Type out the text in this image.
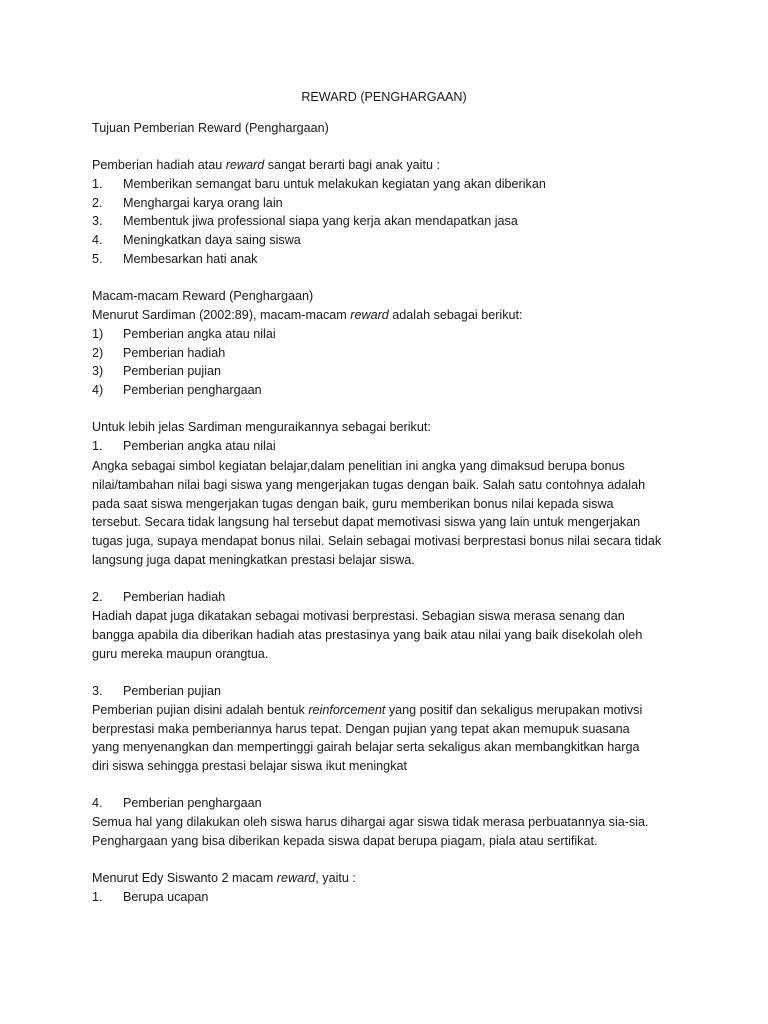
REWARD (PENGHARGAAN)
Tujuan Pemberian Reward (Penghargaan)
Pemberian hadiah atau reward sangat berarti bagi anak yaitu :
1. Memberikan semangat baru untuk melakukan kegiatan yang akan diberikan
2. Menghargai karya orang lain
3. Membentuk jiwa professional siapa yang kerja akan mendapatkan jasa
4. Meningkatkan daya saing siswa
5. Membesarkan hati anak
Macam-macam Reward (Penghargaan)
Menurut Sardiman (2002:89), macam-macam reward adalah sebagai berikut:
1) Pemberian angka atau nilai
2) Pemberian hadiah
3) Pemberian pujian
4) Pemberian penghargaan
Untuk lebih jelas Sardiman menguraikannya sebagai berikut:
1. Pemberian angka atau nilai
Angka sebagai simbol kegiatan belajar,dalam penelitian ini angka yang dimaksud berupa bonus
nilai/tambahan nilai bagi siswa yang mengerjakan tugas dengan baik. Salah satu contohnya adalah
pada saat siswa mengerjakan tugas dengan baik, guru memberikan bonus nilai kepada siswa
tersebut. Secara tidak langsung hal tersebut dapat memotivasi siswa yang lain untuk mengerjakan
tugas juga, supaya mendapat bonus nilai. Selain sebagai motivasi berprestasi bonus nilai secara tidak
langsung juga dapat meningkatkan prestasi belajar siswa.
2. Pemberian hadiah
Hadiah dapat juga dikatakan sebagai motivasi berprestasi. Sebagian siswa merasa senang dan
bangga apabila dia diberikan hadiah atas prestasinya yang baik atau nilai yang baik disekolah oleh
guru mereka maupun orangtua.
3. Pemberian pujian
Pemberian pujian disini adalah bentuk reinforcement yang positif dan sekaligus merupakan motivsi
berprestasi maka pemberiannya harus tepat. Dengan pujian yang tepat akan memupuk suasana
yang menyenangkan dan mempertinggi gairah belajar serta sekaligus akan membangkitkan harga
diri siswa sehingga prestasi belajar siswa ikut meningkat
4. Pemberian penghargaan
Semua hal yang dilakukan oleh siswa harus dihargai agar siswa tidak merasa perbuatannya sia-sia.
Penghargaan yang bisa diberikan kepada siswa dapat berupa piagam, piala atau sertifikat.
Menurut Edy Siswanto 2 macam reward, yaitu :
1. Berupa ucapan
